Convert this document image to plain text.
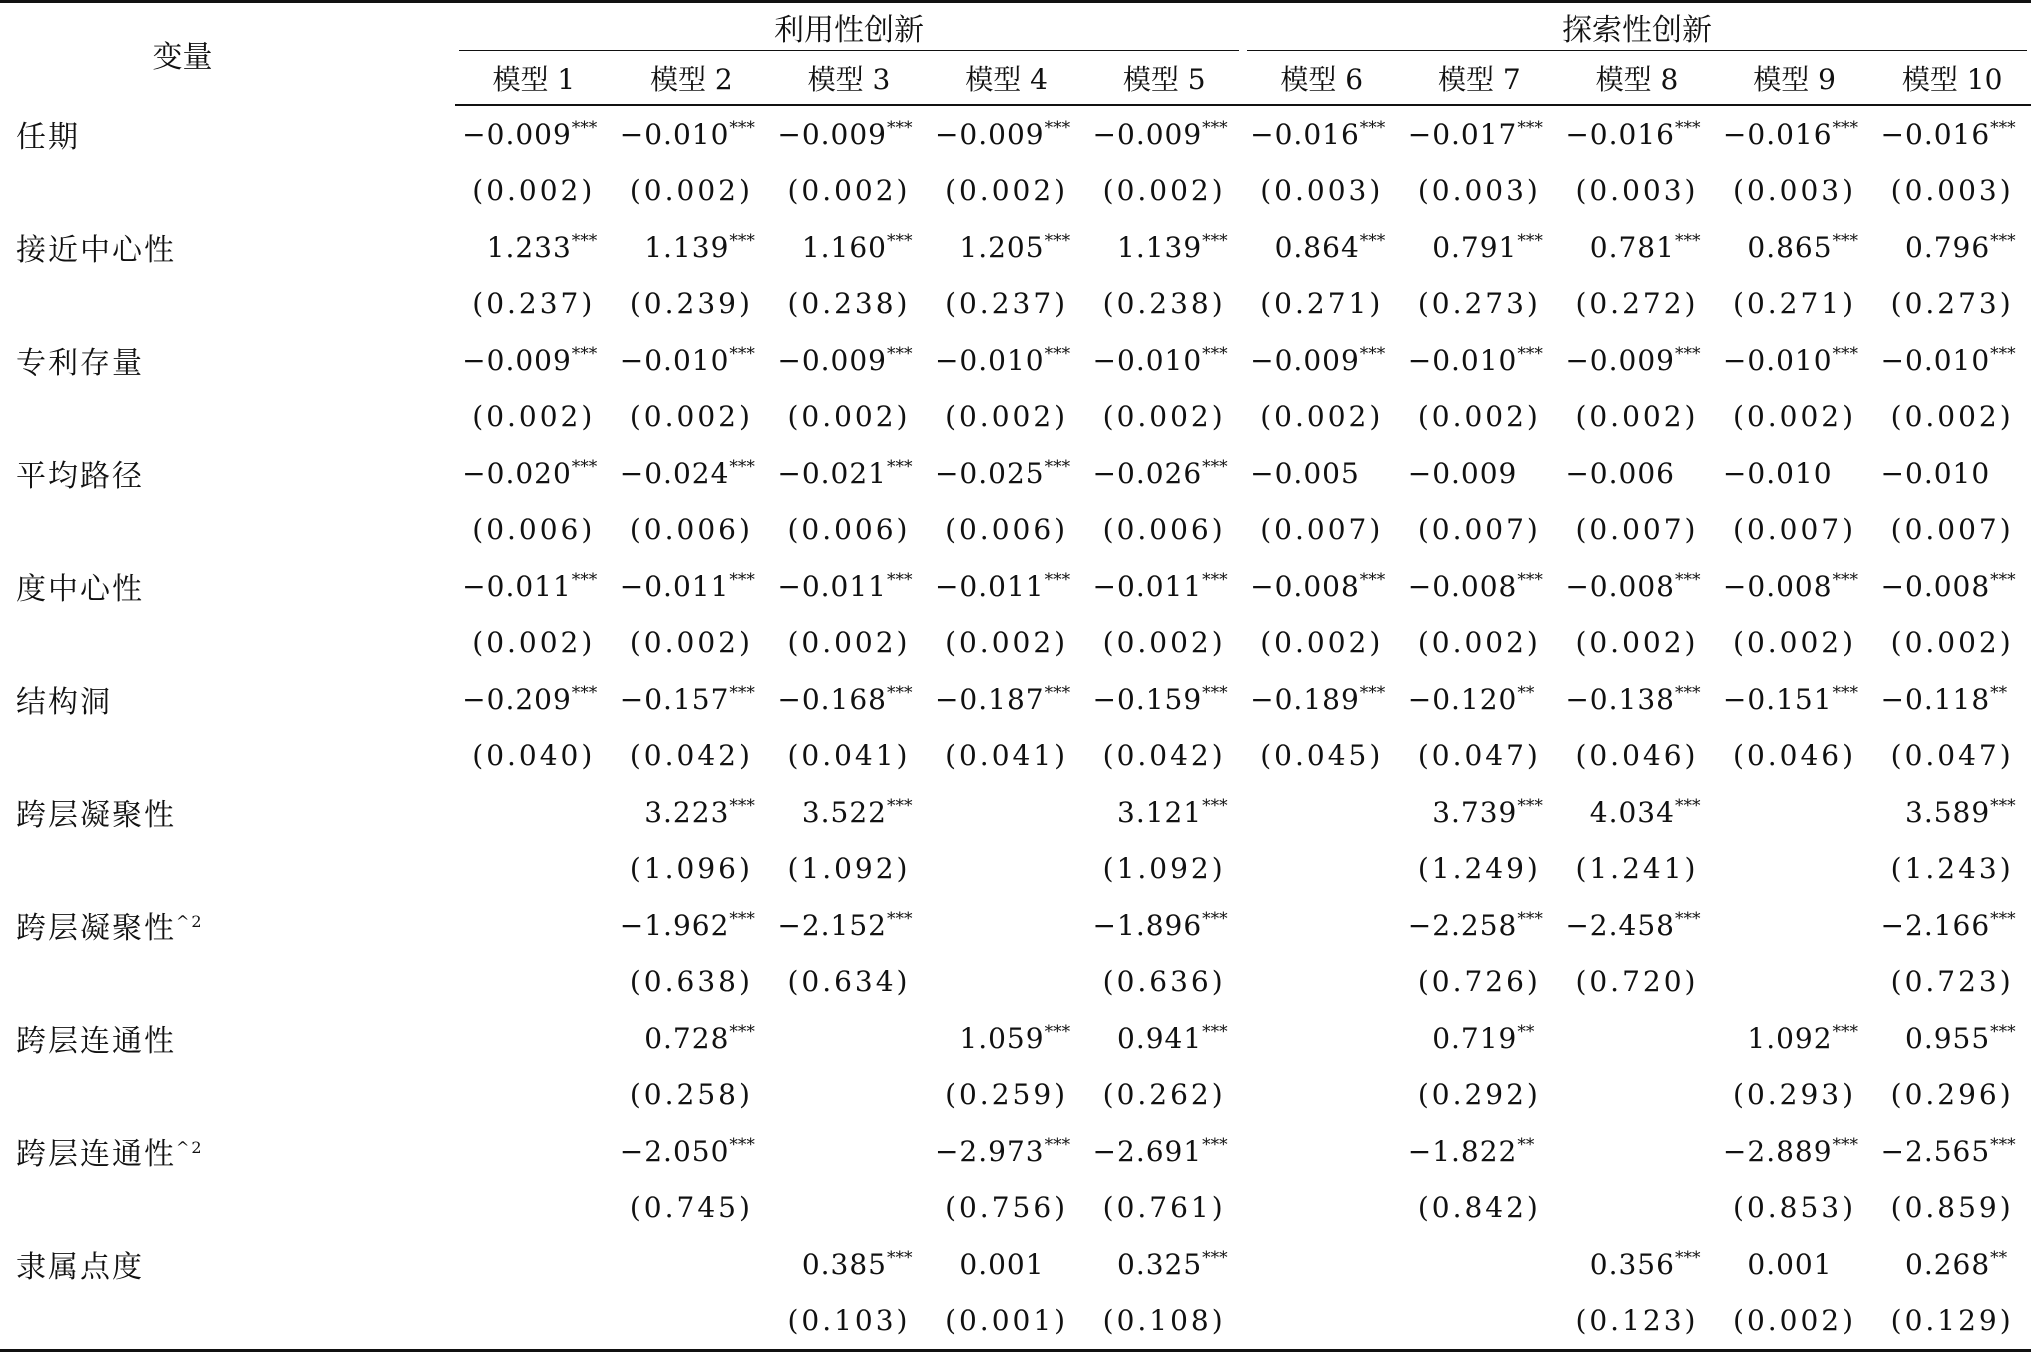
变量	利用性创新					探索性创新				

	模型 1	模型 2	模型 3	模型 4	模型 5	模型 6	模型 7	模型 8	模型 9	模型 10
任期	−0.009***	−0.010***	−0.009***	−0.009***	−0.009***	−0.016***	−0.017***	−0.016***	−0.016***	−0.016***
	(0.002)	(0.002)	(0.002)	(0.002)	(0.002)	(0.003)	(0.003)	(0.003)	(0.003)	(0.003)
接近中心性	1.233***	1.139***	1.160***	1.205***	1.139***	0.864***	0.791***	0.781***	0.865***	0.796***
	(0.237)	(0.239)	(0.238)	(0.237)	(0.238)	(0.271)	(0.273)	(0.272)	(0.271)	(0.273)
专利存量	−0.009***	−0.010***	−0.009***	−0.010***	−0.010***	−0.009***	−0.010***	−0.009***	−0.010***	−0.010***
	(0.002)	(0.002)	(0.002)	(0.002)	(0.002)	(0.002)	(0.002)	(0.002)	(0.002)	(0.002)
平均路径	−0.020***	−0.024***	−0.021***	−0.025***	−0.026***	−0.005	−0.009	−0.006	−0.010	−0.010
	(0.006)	(0.006)	(0.006)	(0.006)	(0.006)	(0.007)	(0.007)	(0.007)	(0.007)	(0.007)
度中心性	−0.011***	−0.011***	−0.011***	−0.011***	−0.011***	−0.008***	−0.008***	−0.008***	−0.008***	−0.008***
	(0.002)	(0.002)	(0.002)	(0.002)	(0.002)	(0.002)	(0.002)	(0.002)	(0.002)	(0.002)
结构洞	−0.209***	−0.157***	−0.168***	−0.187***	−0.159***	−0.189***	−0.120**	−0.138***	−0.151***	−0.118**
	(0.040)	(0.042)	(0.041)	(0.041)	(0.042)	(0.045)	(0.047)	(0.046)	(0.046)	(0.047)
跨层凝聚性		3.223***	3.522***		3.121***		3.739***	4.034***		3.589***
		(1.096)	(1.092)		(1.092)		(1.249)	(1.241)		(1.243)
跨层凝聚性$^{\^{}2}$		−1.962***	−2.152***		−1.896***		−2.258***	−2.458***		−2.166***
		(0.638)	(0.634)		(0.636)		(0.726)	(0.720)		(0.723)
跨层连通性		0.728***		1.059***	0.941***		0.719**		1.092***	0.955***
		(0.258)		(0.259)	(0.262)		(0.292)		(0.293)	(0.296)
跨层连通性$^{\^{}2}$		−2.050***		−2.973***	−2.691***		−1.822**		−2.889***	−2.565***
		(0.745)		(0.756)	(0.761)		(0.842)		(0.853)	(0.859)
隶属点度			0.385***	0.001	0.325***			0.356***	0.001	0.268**
			(0.103)	(0.001)	(0.108)			(0.123)	(0.002)	(0.129)
